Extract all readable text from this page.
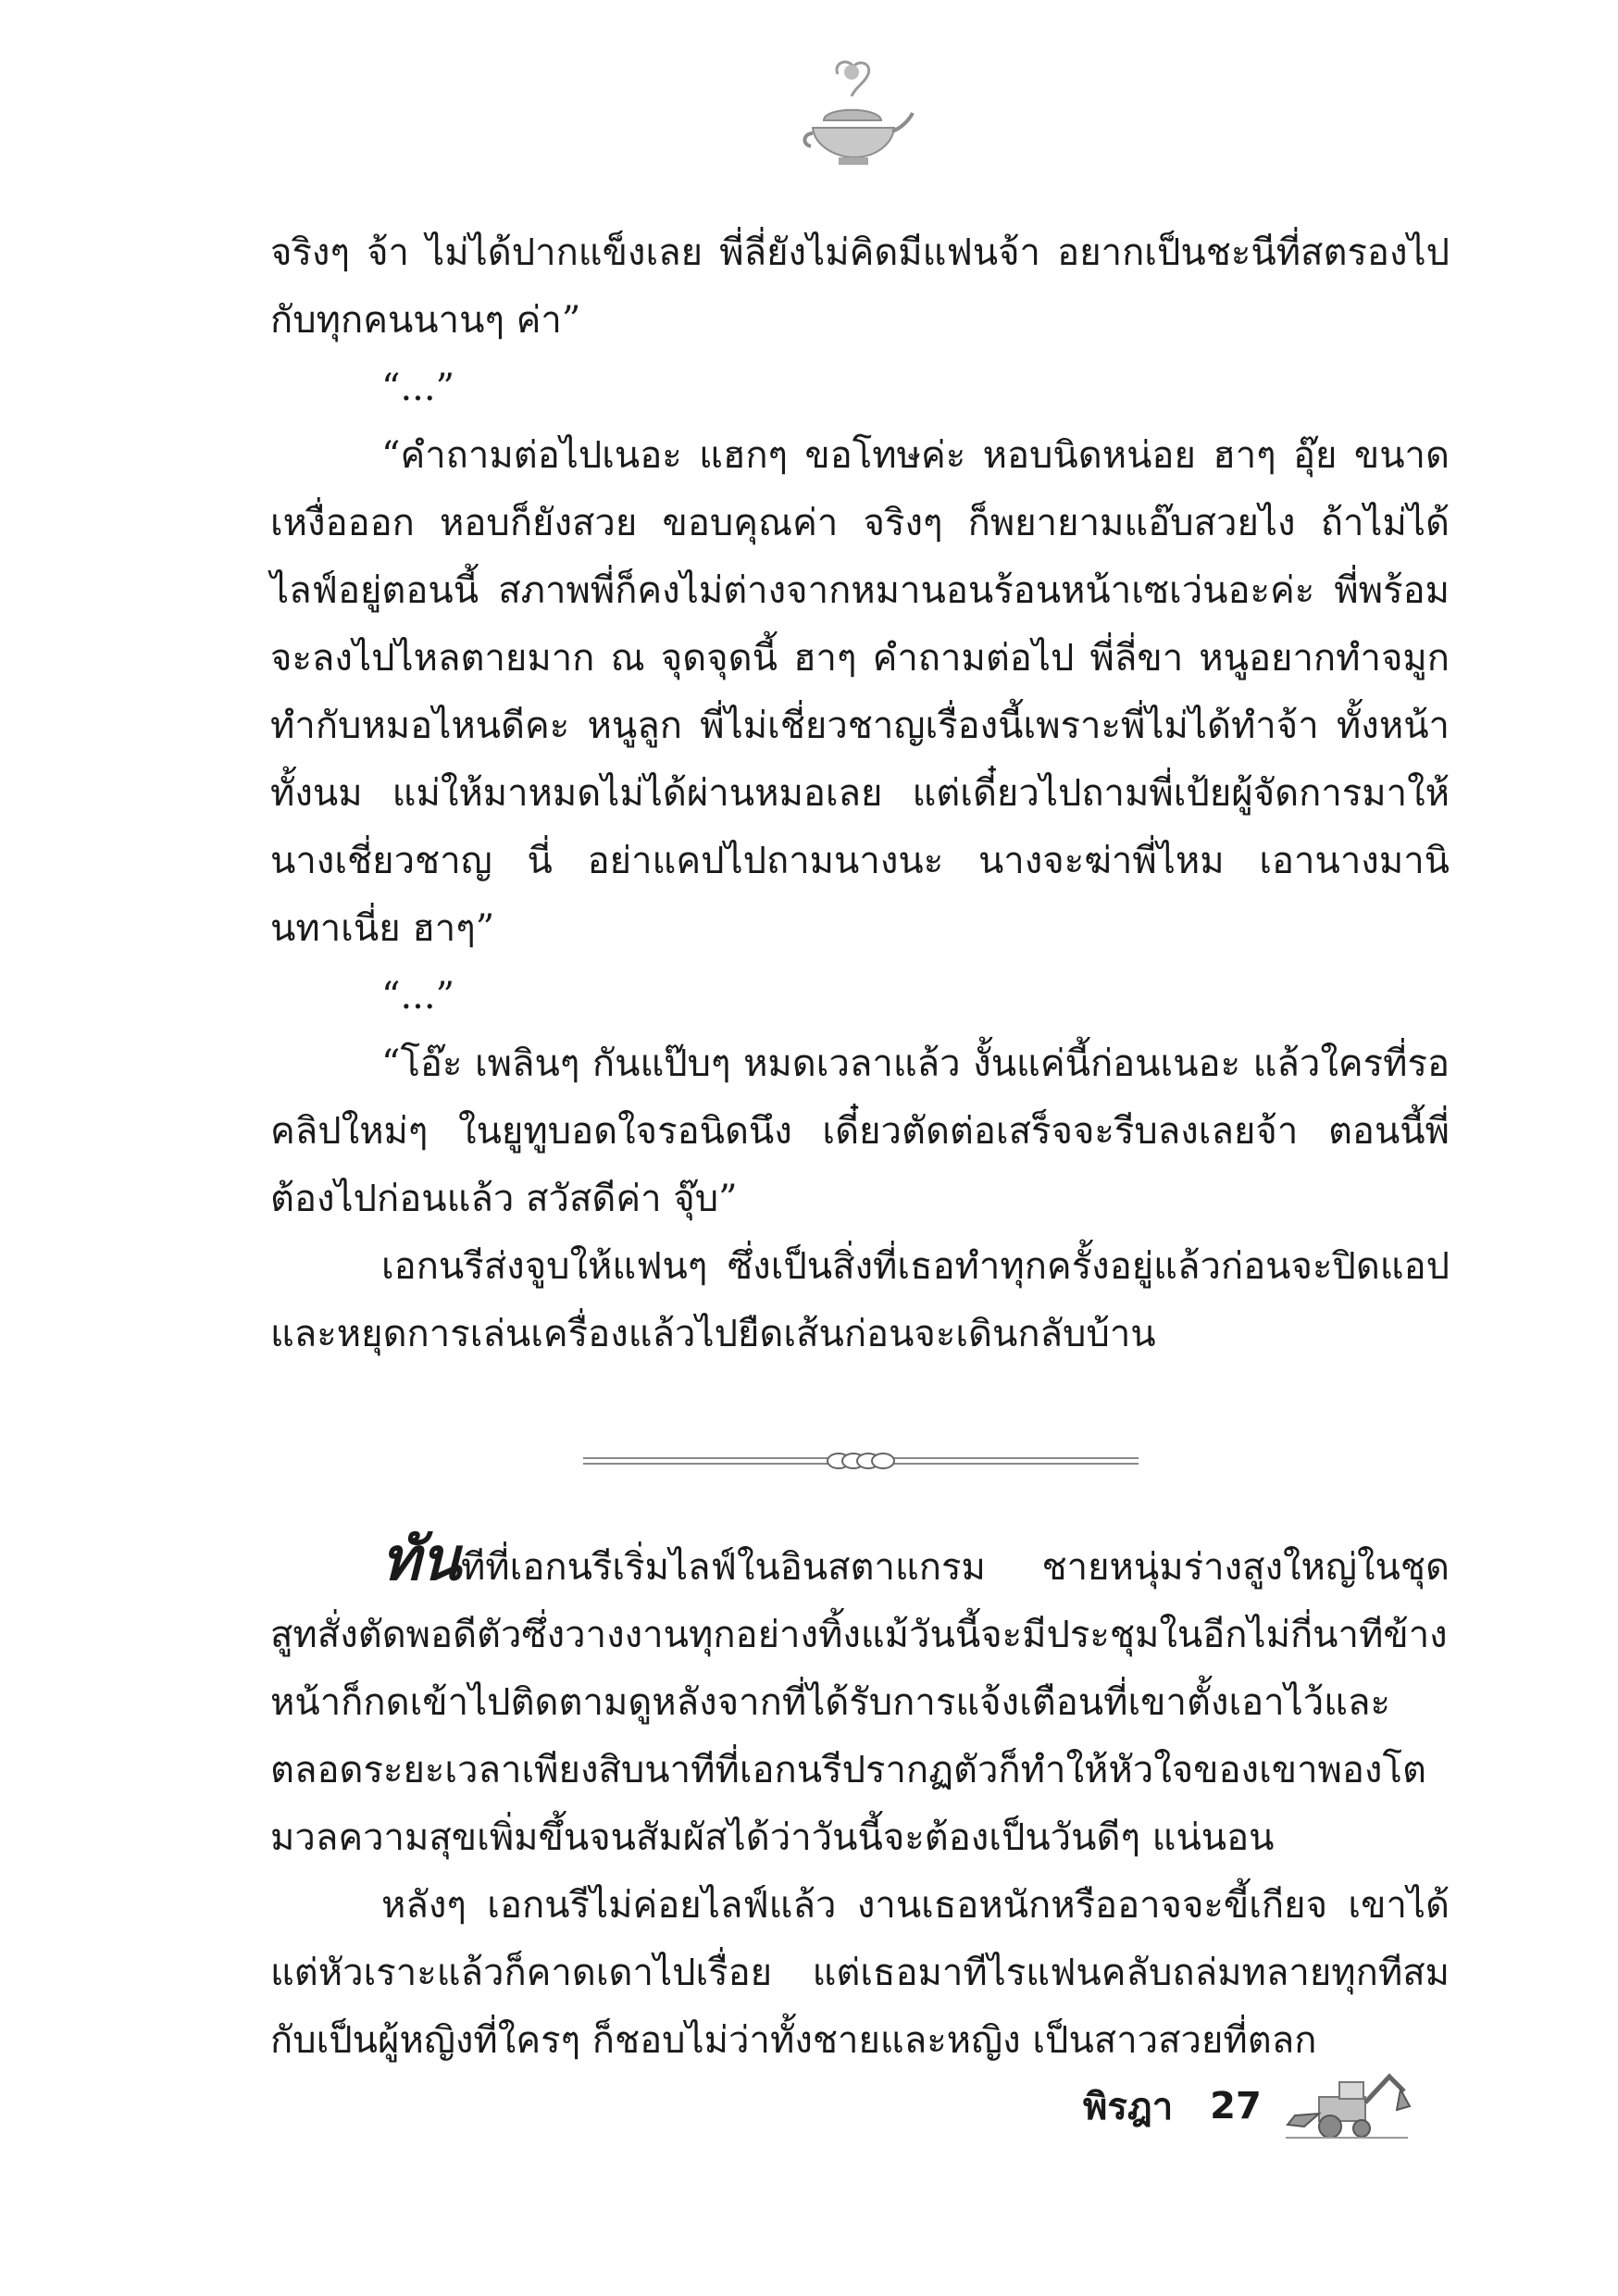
จริงๆ จ้า ไม่ได้ปากแข็งเลย พี่ลี่ยังไม่คิดมีแฟนจ้า อยากเป็นชะนีที่สตรองไปกับทุกคนนานๆ ค่า”

“...”

“คำถามต่อไปเนอะ แฮกๆ ขอโทษค่ะ หอบนิดหน่อย ฮาๆ อุ๊ย ขนาดเหงื่อออก หอบก็ยังสวย ขอบคุณค่า จริงๆ ก็พยายามแอ๊บสวยไง ถ้าไม่ได้ไลฟ์อยู่ตอนนี้ สภาพพี่ก็คงไม่ต่างจากหมานอนร้อนหน้าเซเว่นอะค่ะ พี่พร้อมจะลงไปไหลตายมาก ณ จุดจุดนี้ ฮาๆ คำถามต่อไป พี่ลี่ขา หนูอยากทำจมูกทำกับหมอไหนดีคะ หนูลูก พี่ไม่เชี่ยวชาญเรื่องนี้เพราะพี่ไม่ได้ทำจ้า ทั้งหน้าทั้งนม แม่ให้มาหมดไม่ได้ผ่านหมอเลย แต่เดี๋ยวไปถามพี่เป้ยผู้จัดการมาให้ นางเชี่ยวชาญ นี่ อย่าแคปไปถามนางนะ นางจะฆ่าพี่ไหม เอานางมานินทาเนี่ย ฮาๆ”

“...”

“โอ๊ะ เพลินๆ กันแป๊บๆ หมดเวลาแล้ว งั้นแค่นี้ก่อนเนอะ แล้วใครที่รอคลิปใหม่ๆ ในยูทูบอดใจรอนิดนึง เดี๋ยวตัดต่อเสร็จจะรีบลงเลยจ้า ตอนนี้พี่ต้องไปก่อนแล้ว สวัสดีค่า จุ๊บ”

เอกนรีส่งจูบให้แฟนๆ ซึ่งเป็นสิ่งที่เธอทำทุกครั้งอยู่แล้วก่อนจะปิดแอป และหยุดการเล่นเครื่องแล้วไปยืดเส้นก่อนจะเดินกลับบ้าน

ทันทีที่เอกนรีเริ่มไลฟ์ในอินสตาแกรม ชายหนุ่มร่างสูงใหญ่ในชุดสูทสั่งตัดพอดีตัวซึ่งวางงานทุกอย่างทิ้งแม้วันนี้จะมีประชุมในอีกไม่กี่นาทีข้างหน้าก็กดเข้าไปติดตามดูหลังจากที่ได้รับการแจ้งเตือนที่เขาตั้งเอาไว้และตลอดระยะเวลาเพียงสิบนาทีที่เอกนรีปรากฏตัวก็ทำให้หัวใจของเขาพองโต มวลความสุขเพิ่มขึ้นจนสัมผัสได้ว่าวันนี้จะต้องเป็นวันดีๆ แน่นอน

หลังๆ เอกนรีไม่ค่อยไลฟ์แล้ว งานเธอหนักหรืออาจจะขี้เกียจ เขาได้แต่หัวเราะแล้วก็คาดเดาไปเรื่อย แต่เธอมาทีไรแฟนคลับถล่มทลายทุกทีสมกับเป็นผู้หญิงที่ใครๆ ก็ชอบไม่ว่าทั้งชายและหญิง เป็นสาวสวยที่ตลก

พิรฎา 27
